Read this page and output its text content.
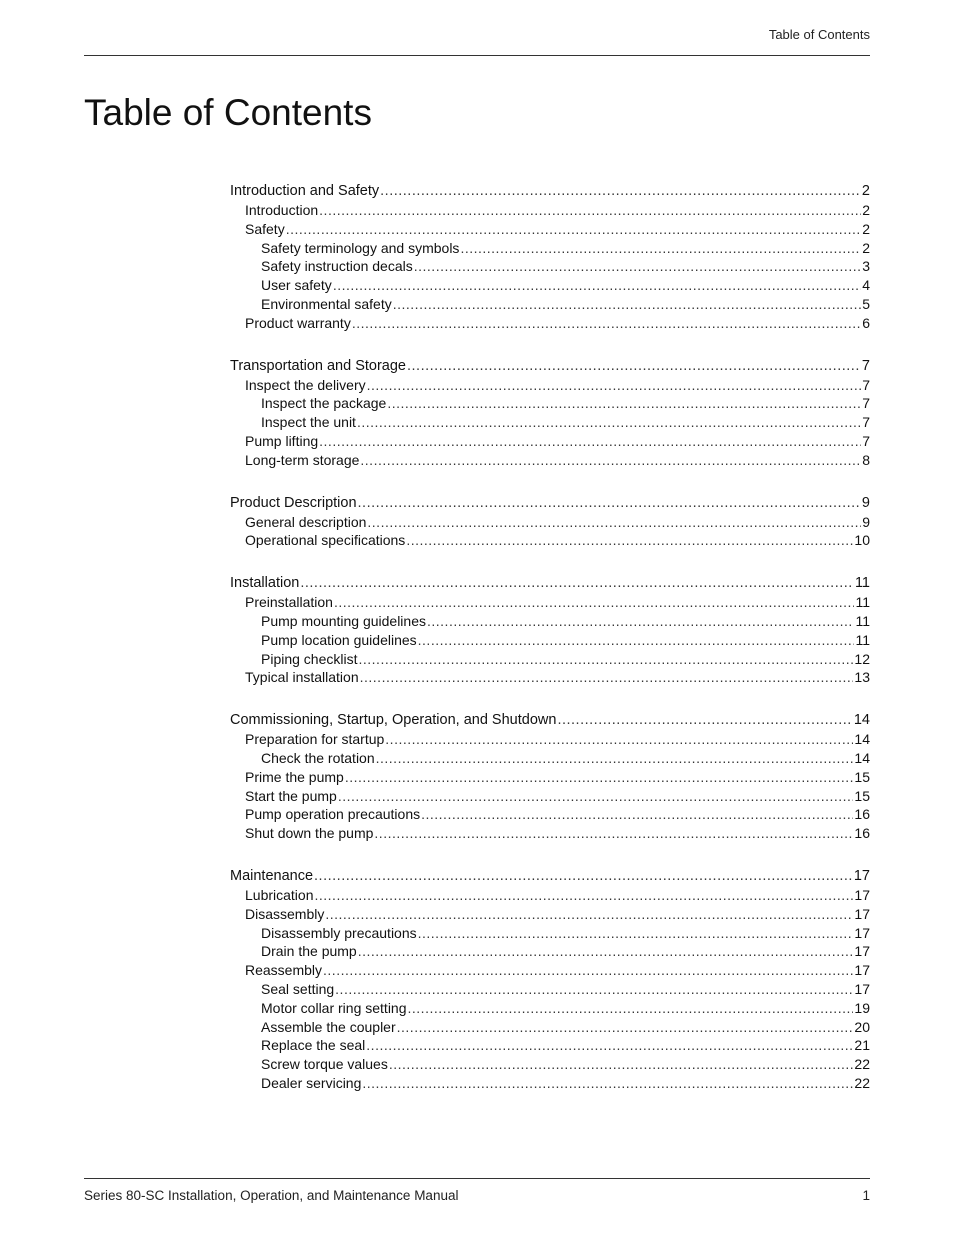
Table of Contents
Table of Contents
Introduction and Safety .....	2
Introduction .....	2
Safety .....	2
Safety terminology and symbols .....	2
Safety instruction decals .....	3
User safety .....	4
Environmental safety .....	5
Product warranty .....	6
Transportation and Storage .....	7
Inspect the delivery .....	7
Inspect the package .....	7
Inspect the unit .....	7
Pump lifting .....	7
Long-term storage .....	8
Product Description .....	9
General description .....	9
Operational specifications .....	10
Installation .....	11
Preinstallation .....	11
Pump mounting guidelines .....	11
Pump location guidelines .....	11
Piping checklist .....	12
Typical installation .....	13
Commissioning, Startup, Operation, and Shutdown .....	14
Preparation for startup .....	14
Check the rotation .....	14
Prime the pump .....	15
Start the pump .....	15
Pump operation precautions .....	16
Shut down the pump .....	16
Maintenance .....	17
Lubrication .....	17
Disassembly .....	17
Disassembly precautions .....	17
Drain the pump .....	17
Reassembly .....	17
Seal setting .....	17
Motor collar ring setting .....	19
Assemble the coupler .....	20
Replace the seal .....	21
Screw torque values .....	22
Dealer servicing .....	22
Series 80-SC Installation, Operation, and Maintenance Manual	1
